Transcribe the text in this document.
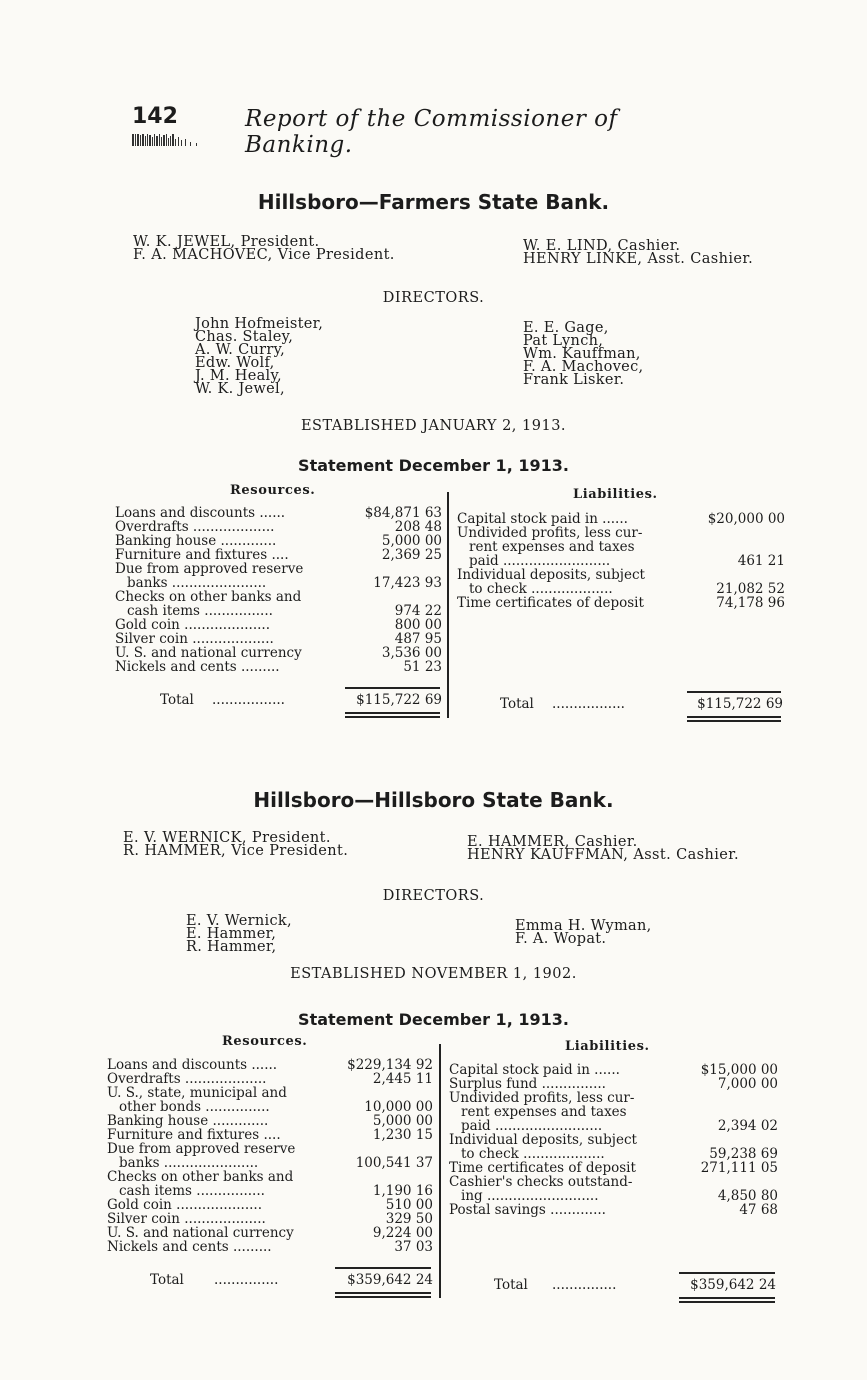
142	Report of the Commissioner of Banking.
Hillsboro—Farmers State Bank.
W. K. JEWEL, President.
F. A. MACHOVEC, Vice President.
W. E. LIND, Cashier.
HENRY LINKE, Asst. Cashier.
DIRECTORS.
John Hofmeister,
Chas. Staley,
A. W. Curry,
Edw. Wolf,
J. M. Healy,
W. K. Jewel,
E. E. Gage,
Pat Lynch,
Wm. Kauffman,
F. A. Machovec,
Frank Lisker.
ESTABLISHED JANUARY 2, 1913.
Statement December 1, 1913.
Resources.	Liabilities.
Loans and discounts ......	$84,871 63
Overdrafts ...................	208 48
Banking house .............	5,000 00
Furniture and fixtures ....	2,369 25
Due from approved reserve
banks ......................	17,423 93
Checks on other banks and
cash items ................	974 22
Gold coin ....................	800 00
Silver coin ...................	487 95
U. S. and national currency	3,536 00
Nickels and cents .........	51 23
Capital stock paid in ......	$20,000 00
Undivided profits, less cur-
rent expenses and taxes
paid .........................	461 21
Individual deposits, subject
to check ...................	21,082 52
Time certificates of deposit	74,178 96
Total .................	$115,722 69	Total .................	$115,722 69
Hillsboro—Hillsboro State Bank.
E. V. WERNICK, President.
R. HAMMER, Vice President.
E. HAMMER, Cashier.
HENRY KAUFFMAN, Asst. Cashier.
DIRECTORS.
E. V. Wernick,
E. Hammer,
R. Hammer,
Emma H. Wyman,
F. A. Wopat.
ESTABLISHED NOVEMBER 1, 1902.
Statement December 1, 1913.
Resources.	Liabilities.
Loans and discounts ......	$229,134 92
Overdrafts ...................	2,445 11
U. S., state, municipal and
other bonds ...............	10,000 00
Banking house .............	5,000 00
Furniture and fixtures ....	1,230 15
Due from approved reserve
banks ......................	100,541 37
Checks on other banks and
cash items ................	1,190 16
Gold coin ....................	510 00
Silver coin ...................	329 50
U. S. and national currency	9,224 00
Nickels and cents .........	37 03
Capital stock paid in ......	$15,000 00
Surplus fund ...............	7,000 00
Undivided profits, less cur-
rent expenses and taxes
paid .........................	2,394 02
Individual deposits, subject
to check ...................	59,238 69
Time certificates of deposit	271,111 05
Cashier's checks outstand-
ing ..........................	4,850 80
Postal savings .............	47 68
Total ...............	$359,642 24	Total ...............	$359,642 24
